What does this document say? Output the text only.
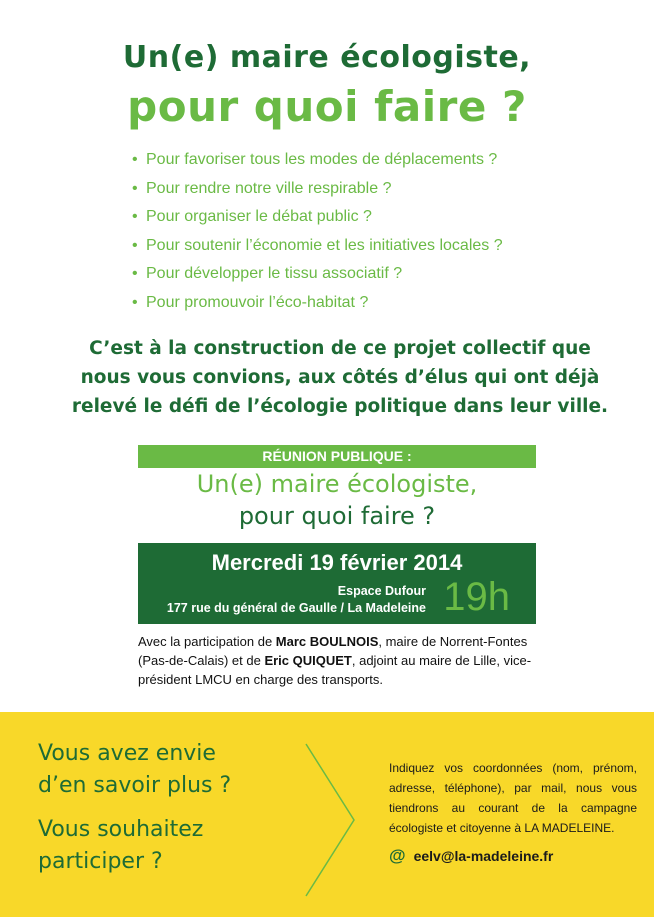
Un(e) maire écologiste,
pour quoi faire ?
• Pour favoriser tous les modes de déplacements ?
• Pour rendre notre ville respirable ?
• Pour organiser le débat public ?
• Pour soutenir l’économie et les initiatives locales ?
• Pour développer le tissu associatif ?
• Pour promouvoir l’éco-habitat ?
C’est à la construction de ce projet collectif que
nous vous convions, aux côtés d’élus qui ont déjà
relevé le défi de l’écologie politique dans leur ville.
RÉUNION PUBLIQUE :
Un(e) maire écologiste,
pour quoi faire ?
Mercredi 19 février 2014
Espace Dufour
177 rue du général de Gaulle / La Madeleine 19h
Avec la participation de Marc BOULNOIS, maire de Norrent-Fontes (Pas-de-Calais) et de Eric QUIQUET, adjoint au maire de Lille, vice-président LMCU en charge des transports.
Vous avez envie
d’en savoir plus ?
Vous souhaitez
participer ?
Indiquez vos coordonnées (nom, prénom, adresse, téléphone), par mail, nous vous tiendrons au courant de la campagne écologiste et citoyenne à LA MADELEINE.
@ eelv@la-madeleine.fr
